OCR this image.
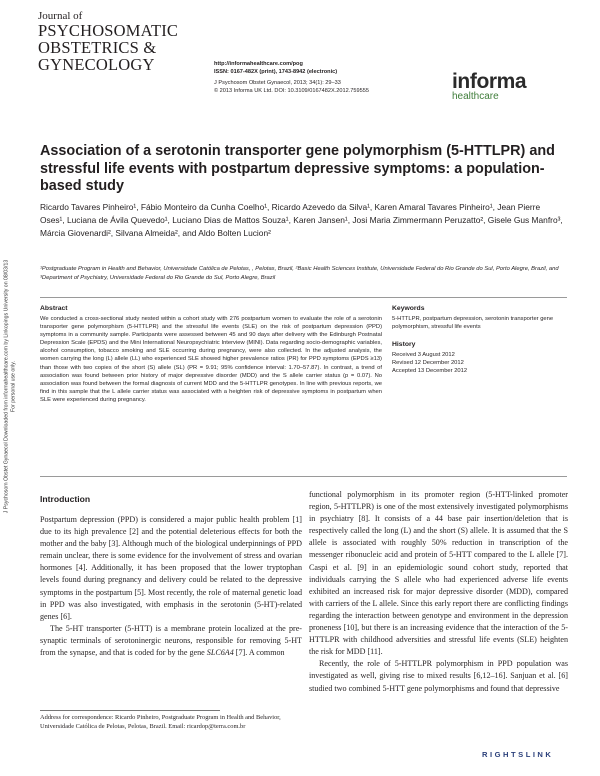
J Psychosom Obstet Gynaecol Downloaded from informahealthcare.com by Linkopings University on 08/03/13 For personal use only.
Journal of
PSYCHOSOMATIC
OBSTETRICS &
GYNECOLOGY	http://informahealthcare.com/pog
ISSN: 0167-482X (print), 1743-8942 (electronic)
J Psychosom Obstet Gynaecol, 2013; 34(1): 29–33
© 2013 Informa UK Ltd. DOI: 10.3109/0167482X.2012.759555	informa
healthcare
Association of a serotonin transporter gene polymorphism (5-HTTLPR) and stressful life events with postpartum depressive symptoms: a population-based study
Ricardo Tavares Pinheiro¹, Fábio Monteiro da Cunha Coelho¹, Ricardo Azevedo da Silva¹, Karen Amaral Tavares Pinheiro¹, Jean Pierre Oses¹, Luciana de Ávila Quevedo¹, Luciano Dias de Mattos Souza¹, Karen Jansen¹, Josi Maria Zimmermann Peruzatto², Gisele Gus Manfro³, Márcia Giovenardi², Silvana Almeida², and Aldo Bolten Lucion²
¹Postgraduate Program in Health and Behavior, Universidade Católica de Pelotas, , Pelotas, Brazil, ²Basic Health Sciences Institute, Universidade Federal do Rio Grande do Sul, Porto Alegre, Brazil, and ³Department of Psychiatry, Universidade Federal do Rio Grande do Sul, Porto Alegre, Brazil
Abstract

We conducted a cross-sectional study nested within a cohort study with 276 postpartum women to evaluate the role of a serotonin transporter gene polymorphism (5-HTTLPR) and the stressful life events (SLE) on the risk of postpartum depression (PPD) symptoms in a community sample. Participants were assessed between 45 and 90 days after delivery with the Edinburgh Postnatal Depression Scale (EPDS) and the Mini International Neuropsychiatric Interview (MINI). Data regarding socio-demographic variables, alcohol consumption, tobacco smoking and SLE occurring during pregnancy, were also collected. In the adjusted analysis, the women carrying the long (L) allele (LL) who experienced SLE showed higher prevalence ratios (PR) for PPD symptoms (EPDS ≥13) than those with two copies of the short (S) allele (SL) (PR = 9.91; 95% confidence interval: 1.70–57.87). In contrast, a trend of association was found between prior history of major depressive disorder (MDD) and the S allele carrier status (p = 0.07). No association was found between the formal diagnosis of current MDD and the 5-HTTLPR genotypes. In line with previous reports, we find in this sample that the L allele carrier status was associated with a heighten risk of depressive symptoms in postpartum when SLE were experienced during pregnancy.

Keywords

5-HTTLPR, postpartum depression, serotonin transporter gene polymorphism, stressful life events

History

Received 3 August 2012

Revised 12 December 2012

Accepted 13 December 2012

Introduction

Postpartum depression (PPD) is considered a major public health problem [1] due to its high prevalence [2] and the potential deleterious effects for both the mother and the baby [3]. Although much of the biological underpinnings of PPD remain unclear, there is some evidence for the involvement of stress and ovarian hormones [4]. Additionally, it has been proposed that the lower tryptophan levels found during pregnancy and delivery could be related to the depressive symptoms in the postpartum [5]. Most recently, the role of maternal genetic load in PPD was also investigated, with emphasis in the serotonin (5-HT)-related genes [6].

The 5-HT transporter (5-HTT) is a membrane protein localized at the pre-synaptic terminals of serotoninergic neurons, responsible for removing 5-HT from the synapse, and that is coded for by the gene SLC6A4 [7]. A common

functional polymorphism in its promoter region (5-HTT-linked promoter region, 5-HTTLPR) is one of the most extensively investigated polymorphisms in psychiatry [8]. It consists of a 44 base pair insertion/deletion that is respectively called the long (L) and the short (S) allele. It is assumed that the S allele is associated with roughly 50% reduction in transcription of the messenger ribonucleic acid and protein of 5-HTT compared to the L allele [7]. Caspi et al. [9] in an epidemiologic sound cohort study, reported that individuals carrying the S allele who had experienced adverse life events exhibited an increased risk for major depressive disorder (MDD), compared with carriers of the L allele. Since this early report there are conflicting findings regarding the interaction between genotype and environment in the depression proneness [10], but there is an increasing evidence that the interaction of the 5-HTTLPR with childhood adversities and stressful life events (SLE) heighten the risk for MDD [11].

Recently, the role of 5-HTTLPR polymorphism in PPD population was investigated as well, giving rise to mixed results [6,12–16]. Sanjuan et al. [6] studied two combined 5-HTT gene polymorphisms and found that depressive

Address for correspondence: Ricardo Pinheiro, Postgraduate Program in Health and Behavior, Universidade Católica de Pelotas, Pelotas, Brazil. Email: ricardop@terra.com.br
RIGHTSLINK
